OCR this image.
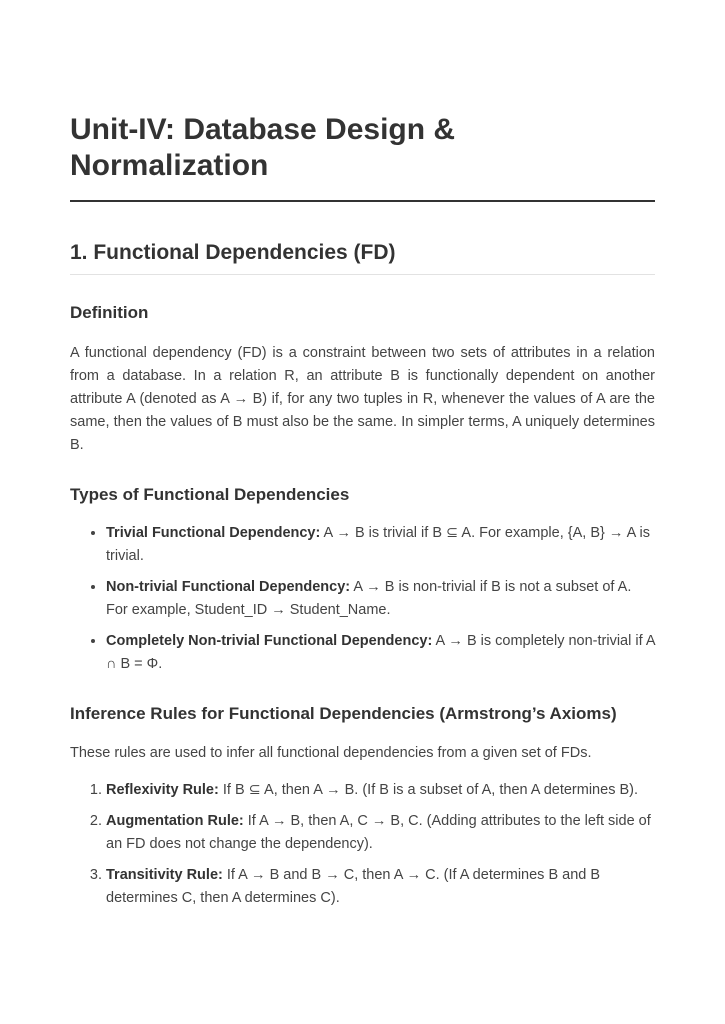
Unit-IV: Database Design & Normalization
1. Functional Dependencies (FD)
Definition

A functional dependency (FD) is a constraint between two sets of attributes in a relation from a database. In a relation R, an attribute B is functionally dependent on another attribute A (denoted as A → B) if, for any two tuples in R, whenever the values of A are the same, then the values of B must also be the same. In simpler terms, A uniquely determines B.

Types of Functional Dependencies
• Trivial Functional Dependency: A → B is trivial if B ⊆ A. For example, {A, B} → A is trivial.
• Non-trivial Functional Dependency: A → B is non-trivial if B is not a subset of A. For example, Student_ID → Student_Name.
• Completely Non-trivial Functional Dependency: A → B is completely non-trivial if A ∩ B = Φ.
Inference Rules for Functional Dependencies (Armstrong’s Axioms)

These rules are used to infer all functional dependencies from a given set of FDs.

1. Reflexivity Rule: If B ⊆ A, then A → B. (If B is a subset of A, then A determines B).
2. Augmentation Rule: If A → B, then A, C → B, C. (Adding attributes to the left side of an FD does not change the dependency).
3. Transitivity Rule: If A → B and B → C, then A → C. (If A determines B and B determines C, then A determines C).
